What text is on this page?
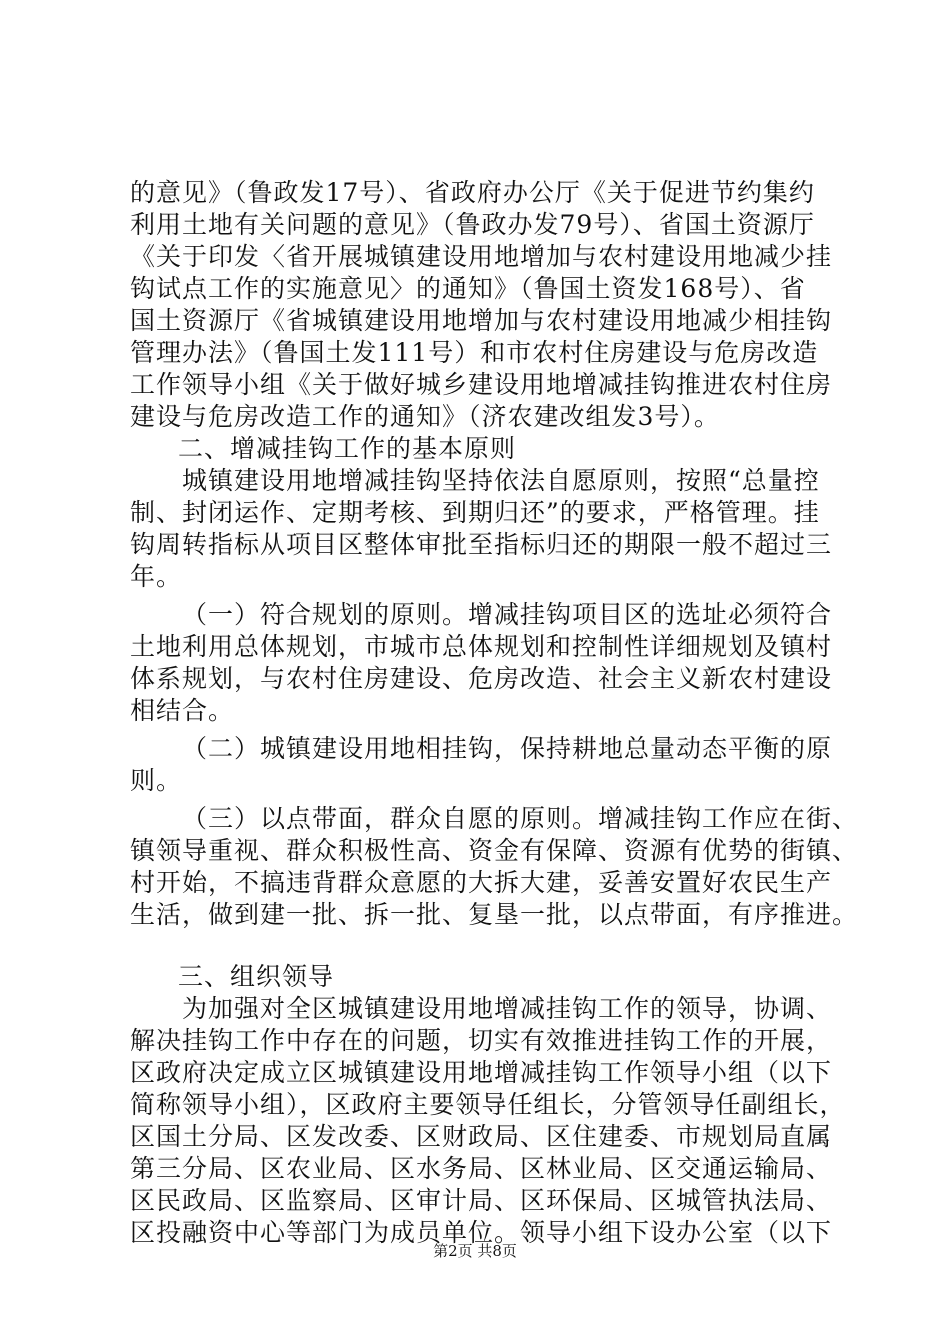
的意见》（鲁政发17号）、省政府办公厅《关于促进节约集约
利用土地有关问题的意见》（鲁政办发79号）、省国土资源厅
《关于印发〈省开展城镇建设用地增加与农村建设用地减少挂
钩试点工作的实施意见〉的通知》（鲁国土资发168号）、省
国土资源厅《省城镇建设用地增加与农村建设用地减少相挂钩
管理办法》（鲁国土发111号）和市农村住房建设与危房改造
工作领导小组《关于做好城乡建设用地增减挂钩推进农村住房
建设与危房改造工作的通知》（济农建改组发3号）。
二、增减挂钩工作的基本原则
城镇建设用地增减挂钩坚持依法自愿原则，按照“总量控
制、封闭运作、定期考核、到期归还”的要求，严格管理。挂
钩周转指标从项目区整体审批至指标归还的期限一般不超过三
年。
（一）符合规划的原则。增减挂钩项目区的选址必须符合
土地利用总体规划，市城市总体规划和控制性详细规划及镇村
体系规划，与农村住房建设、危房改造、社会主义新农村建设
相结合。
（二）城镇建设用地相挂钩，保持耕地总量动态平衡的原
则。
（三）以点带面，群众自愿的原则。增减挂钩工作应在街、
镇领导重视、群众积极性高、资金有保障、资源有优势的街镇、
村开始，不搞违背群众意愿的大拆大建，妥善安置好农民生产
生活，做到建一批、拆一批、复垦一批，以点带面，有序推进。
三、组织领导
为加强对全区城镇建设用地增减挂钩工作的领导，协调、
解决挂钩工作中存在的问题，切实有效推进挂钩工作的开展，
区政府决定成立区城镇建设用地增减挂钩工作领导小组（以下
简称领导小组），区政府主要领导任组长，分管领导任副组长，
区国土分局、区发改委、区财政局、区住建委、市规划局直属
第三分局、区农业局、区水务局、区林业局、区交通运输局、
区民政局、区监察局、区审计局、区环保局、区城管执法局、
区投融资中心等部门为成员单位。领导小组下设办公室（以下
第2页 共8页
